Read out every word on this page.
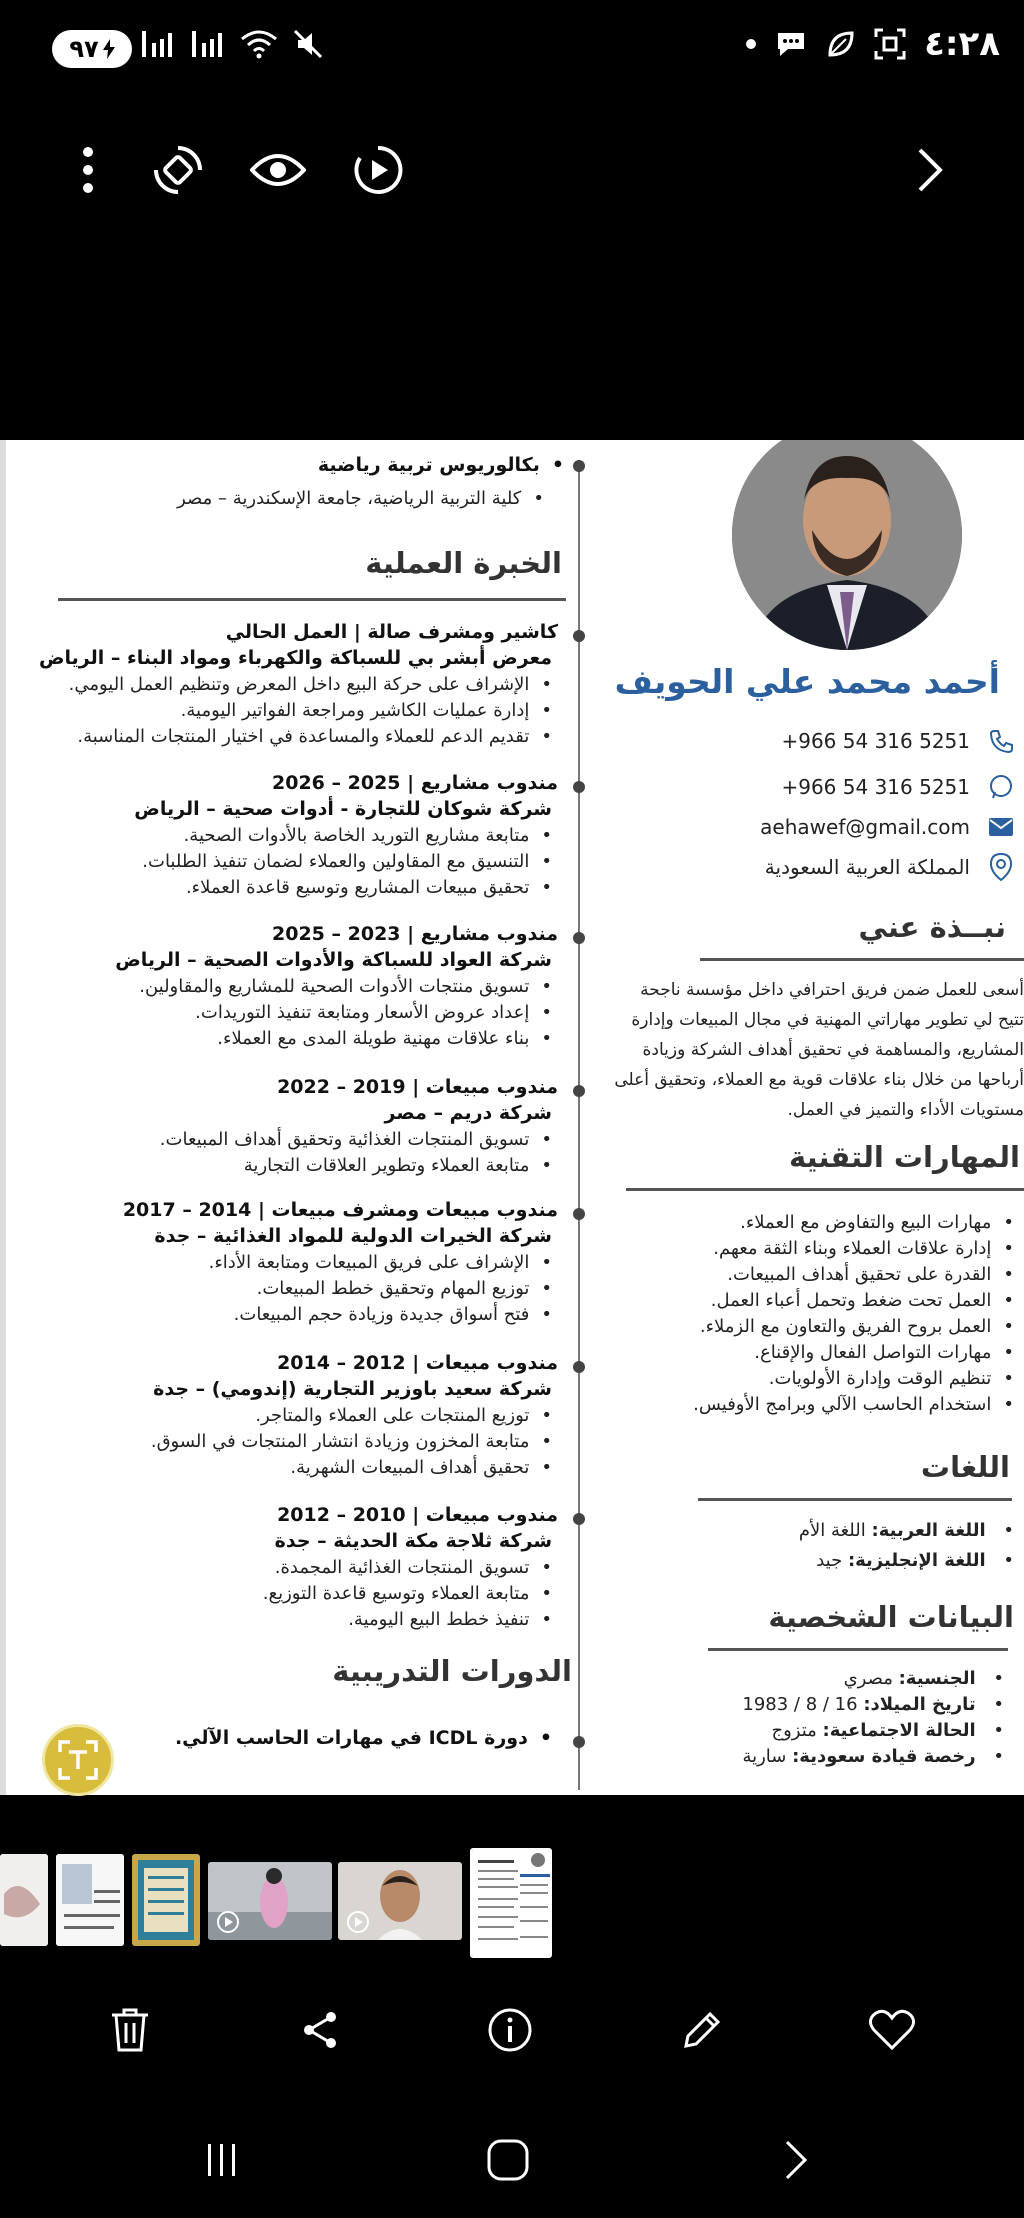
٩٧	٤:٢٨
• بكالوريوس تربية رياضية
• كلية التربية الرياضية، جامعة الإسكندرية – مصر
الخبرة العملية
كاشير ومشرف صالة | العمل الحالي
معرض أبشر بي للسباكة والكهرباء ومواد البناء – الرياض
• الإشراف على حركة البيع داخل المعرض وتنظيم العمل اليومي.
• إدارة عمليات الكاشير ومراجعة الفواتير اليومية.
• تقديم الدعم للعملاء والمساعدة في اختيار المنتجات المناسبة.
مندوب مشاريع | 2025 – 2026
شركة شوكان للتجارة - أدوات صحية – الرياض
• متابعة مشاريع التوريد الخاصة بالأدوات الصحية.
• التنسيق مع المقاولين والعملاء لضمان تنفيذ الطلبات.
• تحقيق مبيعات المشاريع وتوسيع قاعدة العملاء.
مندوب مشاريع | 2023 – 2025
شركة العواد للسباكة والأدوات الصحية – الرياض
• تسويق منتجات الأدوات الصحية للمشاريع والمقاولين.
• إعداد عروض الأسعار ومتابعة تنفيذ التوريدات.
• بناء علاقات مهنية طويلة المدى مع العملاء.
مندوب مبيعات | 2019 – 2022
شركة دريم – مصر
• تسويق المنتجات الغذائية وتحقيق أهداف المبيعات.
• متابعة العملاء وتطوير العلاقات التجارية
مندوب مبيعات ومشرف مبيعات | 2014 – 2017
شركة الخيرات الدولية للمواد الغذائية – جدة
• الإشراف على فريق المبيعات ومتابعة الأداء.
• توزيع المهام وتحقيق خطط المبيعات.
• فتح أسواق جديدة وزيادة حجم المبيعات.
مندوب مبيعات | 2012 – 2014
شركة سعيد باوزير التجارية (إندومي) – جدة
• توزيع المنتجات على العملاء والمتاجر.
• متابعة المخزون وزيادة انتشار المنتجات في السوق.
• تحقيق أهداف المبيعات الشهرية.
مندوب مبيعات | 2010 – 2012
شركة ثلاجة مكة الحديثة – جدة
• تسويق المنتجات الغذائية المجمدة.
• متابعة العملاء وتوسيع قاعدة التوزيع.
• تنفيذ خطط البيع اليومية.
الدورات التدريبية
• دورة ICDL في مهارات الحاسب الآلي.
أحمد محمد علي الحويف
+966 54 316 5251
+966 54 316 5251
aehawef@gmail.com
المملكة العربية السعودية
نبــذة عني
أسعى للعمل ضمن فريق احترافي داخل مؤسسة ناجحة
تتيح لي تطوير مهاراتي المهنية في مجال المبيعات وإدارة
المشاريع، والمساهمة في تحقيق أهداف الشركة وزيادة
أرباحها من خلال بناء علاقات قوية مع العملاء، وتحقيق أعلى
مستويات الأداء والتميز في العمل.
المهارات التقنية
• مهارات البيع والتفاوض مع العملاء.
• إدارة علاقات العملاء وبناء الثقة معهم.
• القدرة على تحقيق أهداف المبيعات.
• العمل تحت ضغط وتحمل أعباء العمل.
• العمل بروح الفريق والتعاون مع الزملاء.
• مهارات التواصل الفعال والإقناع.
• تنظيم الوقت وإدارة الأولويات.
• استخدام الحاسب الآلي وبرامج الأوفيس.
اللغات
• اللغة العربية: اللغة الأم
• اللغة الإنجليزية: جيد
البيانات الشخصية
• الجنسية: مصري
• تاريخ الميلاد: 16 / 8 / 1983
• الحالة الاجتماعية: متزوج
• رخصة قيادة سعودية: سارية
